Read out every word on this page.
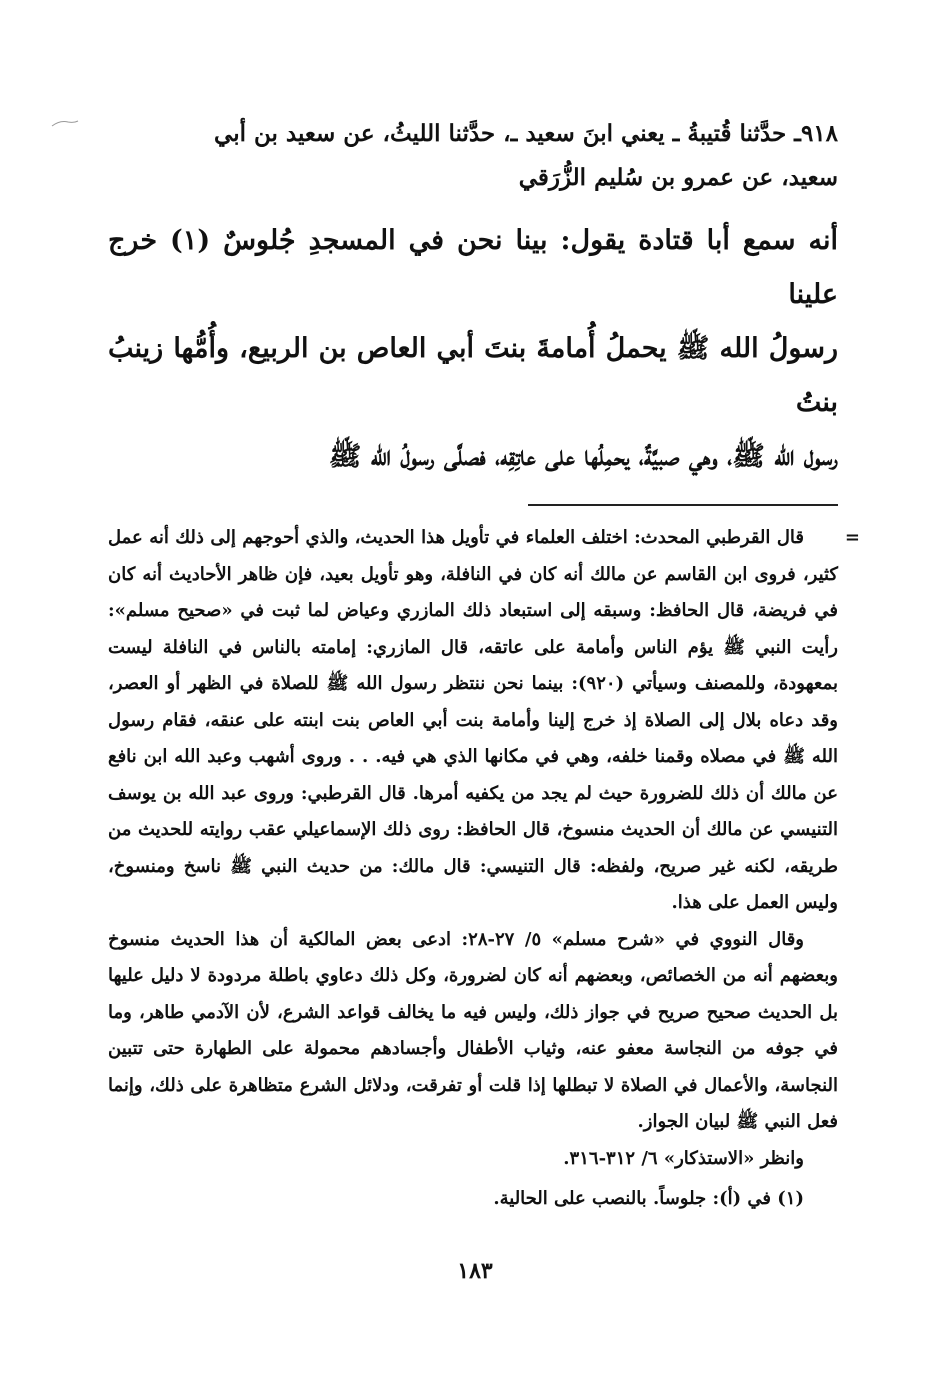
٩١٨ـ حدَّثنا قُتيبةُ ـ يعني ابنَ سعيد ـ، حدَّثنا الليثُ، عن سعيد بن أبي

سعيد، عن عمرو بن سُليم الزُّرَقي

أنه سمع أبا قتادة يقول: بينا نحن في المسجدِ جُلوسٌ (١) خرج علينا

رسولُ الله ﷺ يحملُ أُمامةَ بنتَ أبي العاص بن الربيع، وأُمُّها زينبُ بنتُ

رسول الله ﷺ، وهي صبيَّةٌ، يحمِلُها على عاتِقِه، فصلَّى رسولُ الله ﷺ

=

قال القرطبي المحدث: اختلف العلماء في تأويل هذا الحديث، والذي أحوجهم إلى ذلك أنه عمل كثير، فروى ابن القاسم عن مالك أنه كان في النافلة، وهو تأويل بعيد، فإن ظاهر الأحاديث أنه كان في فريضة، قال الحافظ: وسبقه إلى استبعاد ذلك المازري وعياض لما ثبت في «صحيح مسلم»: رأيت النبي ﷺ يؤم الناس وأمامة على عاتقه، قال المازري: إمامته بالناس في النافلة ليست بمعهودة، وللمصنف وسيأتي (٩٢٠): بينما نحن ننتظر رسول الله ﷺ للصلاة في الظهر أو العصر، وقد دعاه بلال إلى الصلاة إذ خرج إلينا وأمامة بنت أبي العاص بنت ابنته على عنقه، فقام رسول الله ﷺ في مصلاه وقمنا خلفه، وهي في مكانها الذي هي فيه. . . وروى أشهب وعبد الله ابن نافع عن مالك أن ذلك للضرورة حيث لم يجد من يكفيه أمرها. قال القرطبي: وروى عبد الله بن يوسف التنيسي عن مالك أن الحديث منسوخ، قال الحافظ: روى ذلك الإسماعيلي عقب روايته للحديث من طريقه، لكنه غير صريح، ولفظه: قال التنيسي: قال مالك: من حديث النبي ﷺ ناسخ ومنسوخ، وليس العمل على هذا.

وقال النووي في «شرح مسلم» ٥/ ٢٧-٢٨: ادعى بعض المالكية أن هذا الحديث منسوخ وبعضهم أنه من الخصائص، وبعضهم أنه كان لضرورة، وكل ذلك دعاوي باطلة مردودة لا دليل عليها بل الحديث صحيح صريح في جواز ذلك، وليس فيه ما يخالف قواعد الشرع، لأن الآدمي طاهر، وما في جوفه من النجاسة معفو عنه، وثياب الأطفال وأجسادهم محمولة على الطهارة حتى تتبين النجاسة، والأعمال في الصلاة لا تبطلها إذا قلت أو تفرقت، ودلائل الشرع متظاهرة على ذلك، وإنما فعل النبي ﷺ لبيان الجواز.

وانظر «الاستذكار» ٦/ ٣١٢-٣١٦.

(١) في (أ): جلوساً. بالنصب على الحالية.

١٨٣
